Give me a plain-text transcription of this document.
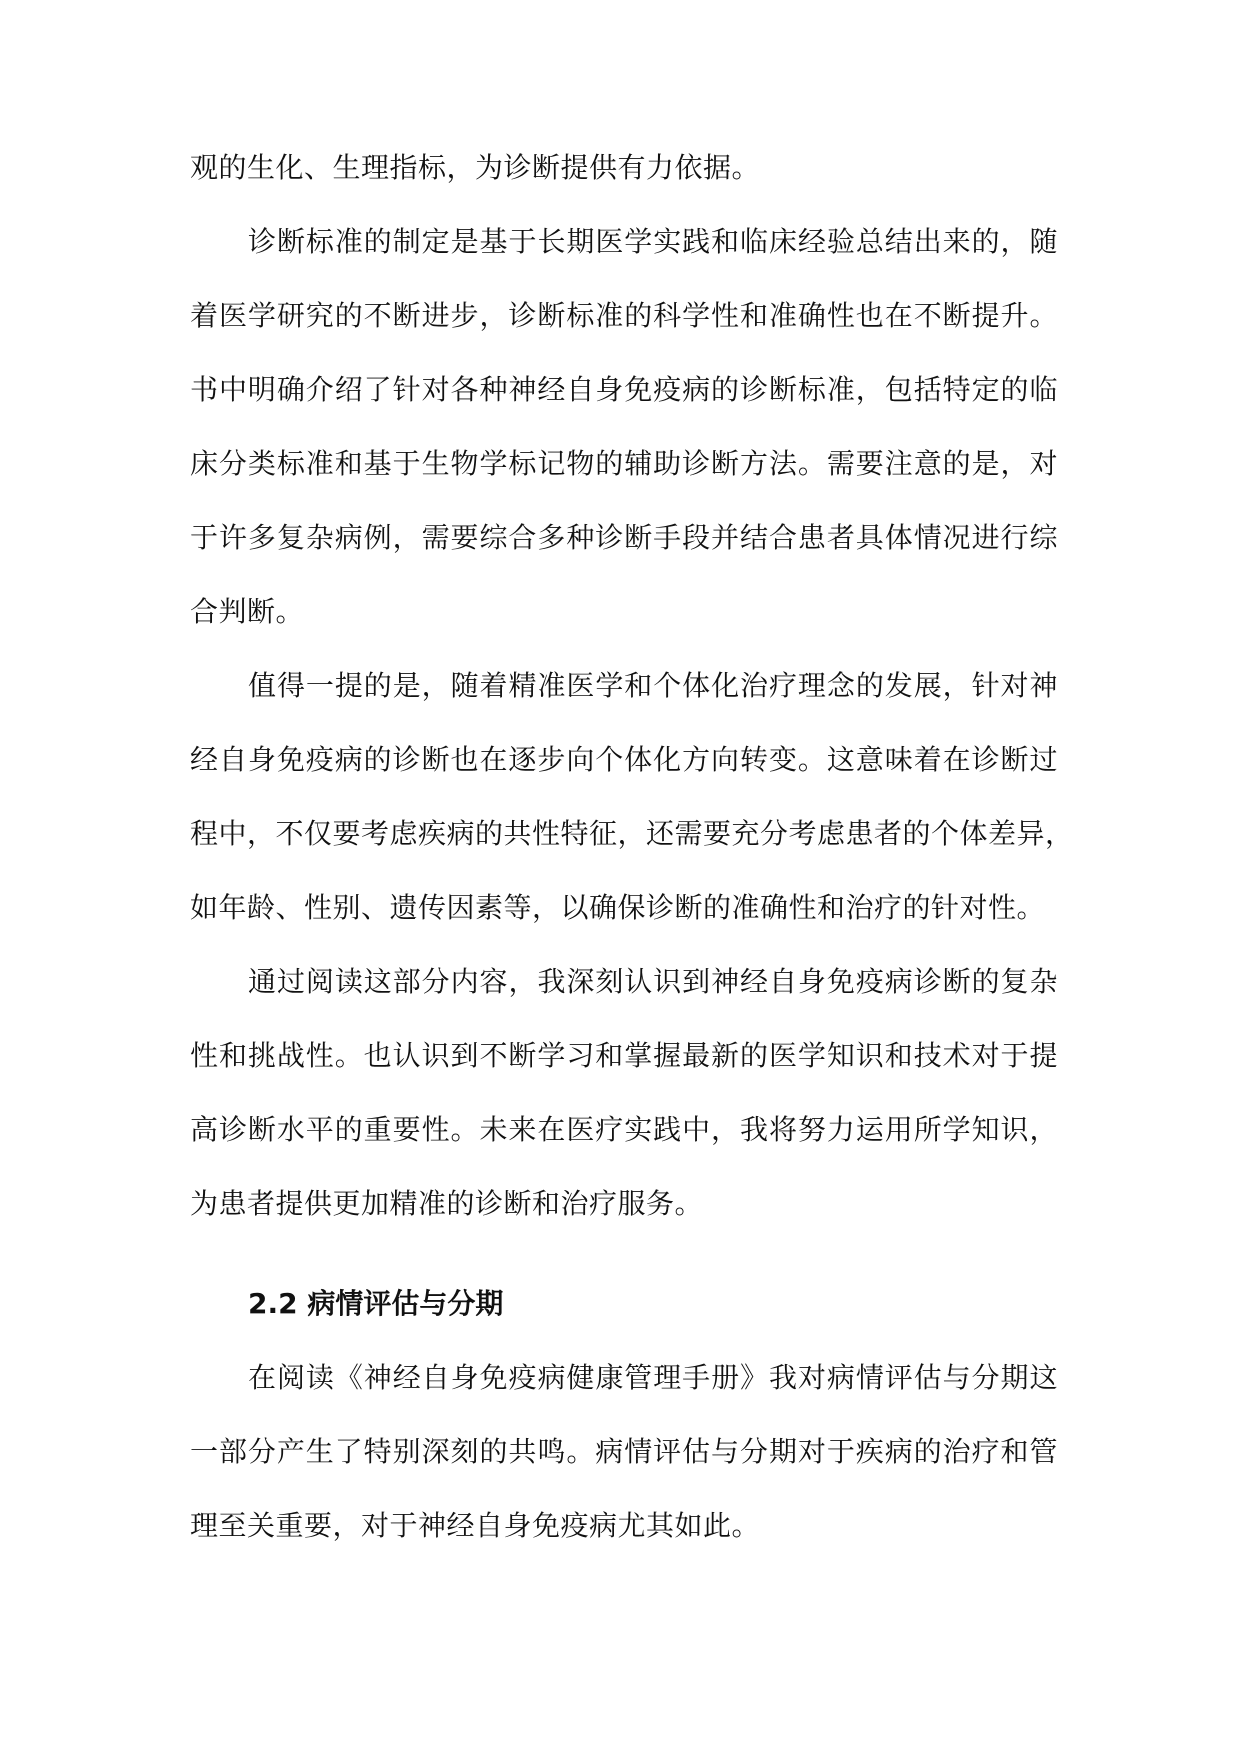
观的生化、生理指标，为诊断提供有力依据。
诊断标准的制定是基于长期医学实践和临床经验总结出来的，随
着医学研究的不断进步，诊断标准的科学性和准确性也在不断提升。
书中明确介绍了针对各种神经自身免疫病的诊断标准，包括特定的临
床分类标准和基于生物学标记物的辅助诊断方法。需要注意的是，对
于许多复杂病例，需要综合多种诊断手段并结合患者具体情况进行综
合判断。
值得一提的是，随着精准医学和个体化治疗理念的发展，针对神
经自身免疫病的诊断也在逐步向个体化方向转变。这意味着在诊断过
程中，不仅要考虑疾病的共性特征，还需要充分考虑患者的个体差异，
如年龄、性别、遗传因素等，以确保诊断的准确性和治疗的针对性。
通过阅读这部分内容，我深刻认识到神经自身免疫病诊断的复杂
性和挑战性。也认识到不断学习和掌握最新的医学知识和技术对于提
高诊断水平的重要性。未来在医疗实践中，我将努力运用所学知识，
为患者提供更加精准的诊断和治疗服务。
2.2 病情评估与分期
在阅读《神经自身免疫病健康管理手册》我对病情评估与分期这
一部分产生了特别深刻的共鸣。病情评估与分期对于疾病的治疗和管
理至关重要，对于神经自身免疫病尤其如此。
